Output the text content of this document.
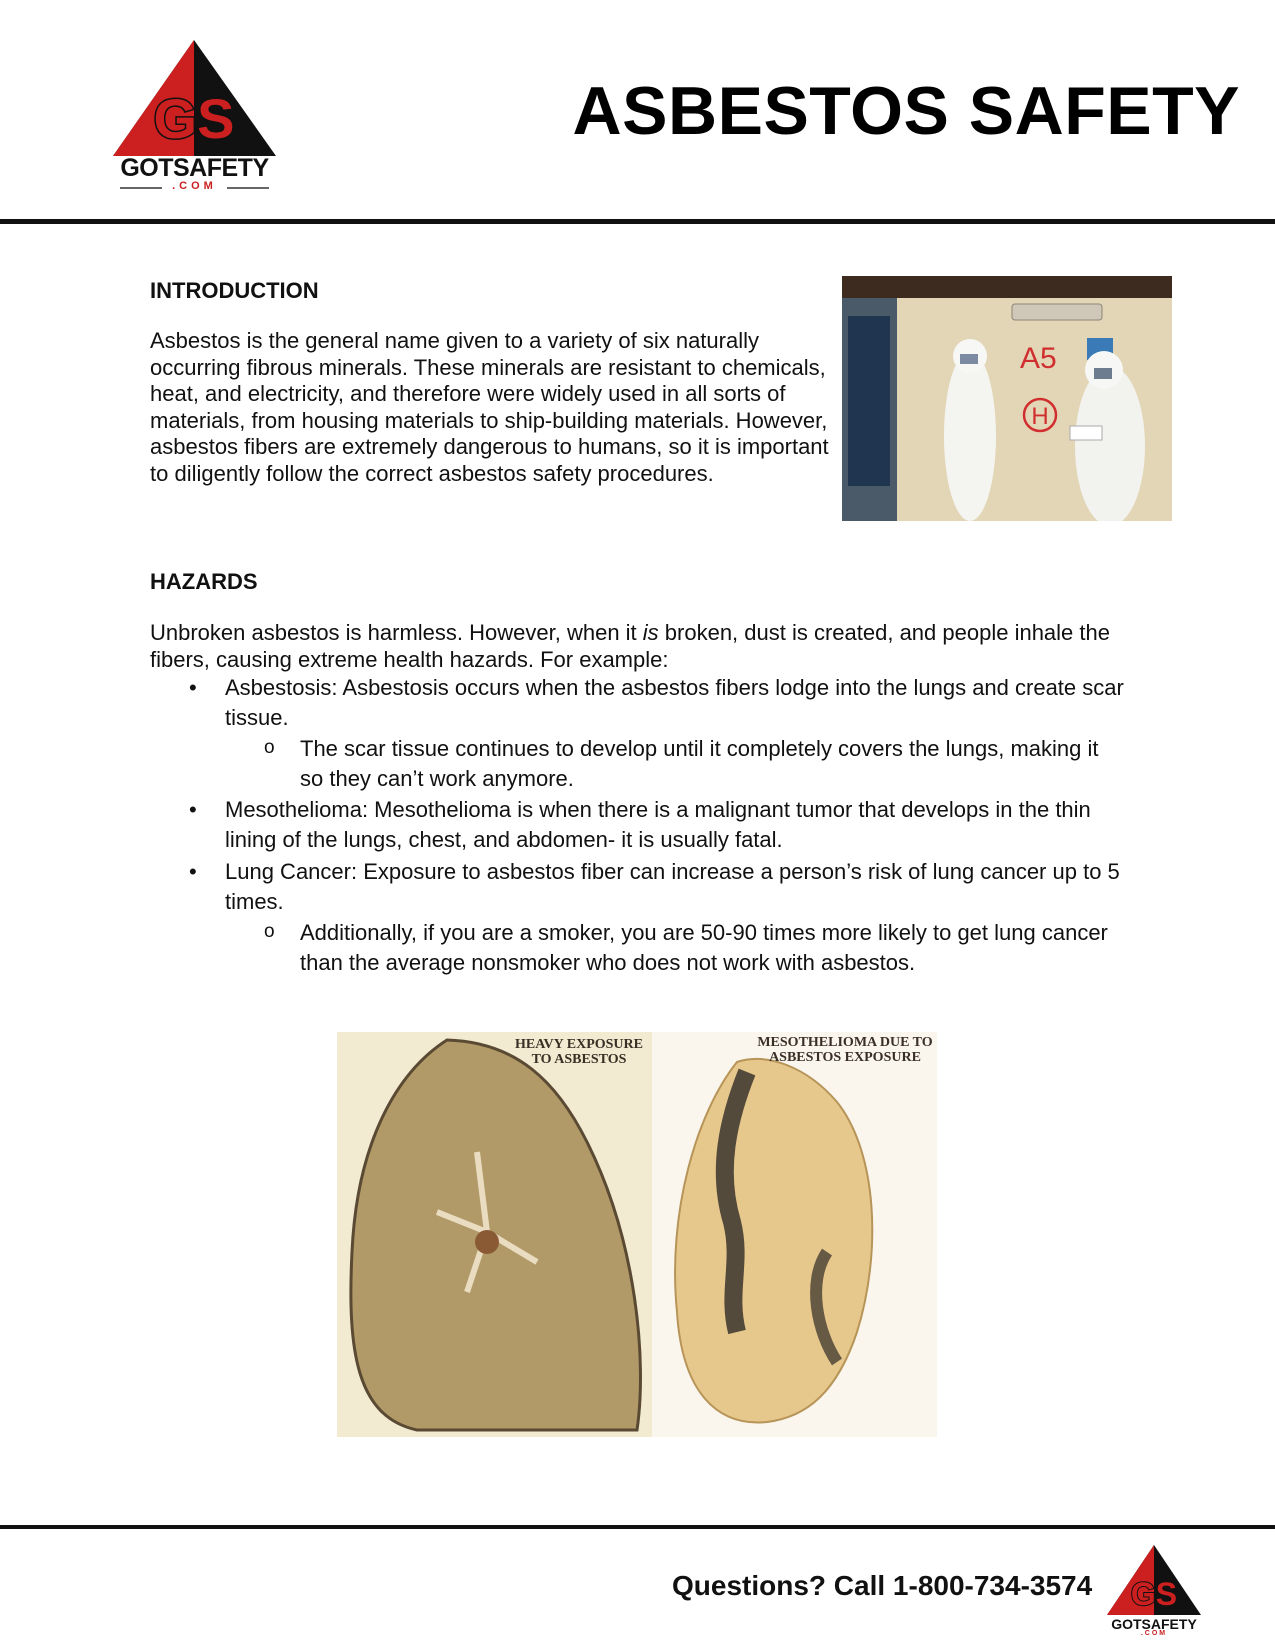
GS
GOTSAFETY
.COM
ASBESTOS SAFETY
INTRODUCTION
Asbestos is the general name given to a variety of six naturally occurring fibrous minerals. These minerals are resistant to chemicals, heat, and electricity, and therefore were widely used in all sorts of materials, from housing materials to ship-building materials. However, asbestos fibers are extremely dangerous to humans, so it is important to diligently follow the correct asbestos safety procedures.
A5
H
HAZARDS
Unbroken asbestos is harmless. However, when it is broken, dust is created, and people inhale the fibers, causing extreme health hazards. For example:
• Asbestosis: Asbestosis occurs when the asbestos fibers lodge into the lungs and create scar tissue.
o The scar tissue continues to develop until it completely covers the lungs, making it so they can’t work anymore.
• Mesothelioma: Mesothelioma is when there is a malignant tumor that develops in the thin lining of the lungs, chest, and abdomen- it is usually fatal.
• Lung Cancer: Exposure to asbestos fiber can increase a person’s risk of lung cancer up to 5 times.
o Additionally, if you are a smoker, you are 50-90 times more likely to get lung cancer than the average nonsmoker who does not work with asbestos.
HEAVY EXPOSURE
TO ASBESTOS
MESOTHELIOMA DUE TO
ASBESTOS EXPOSURE
Questions? Call 1-800-734-3574 GS
GOTSAFETY
.COM
